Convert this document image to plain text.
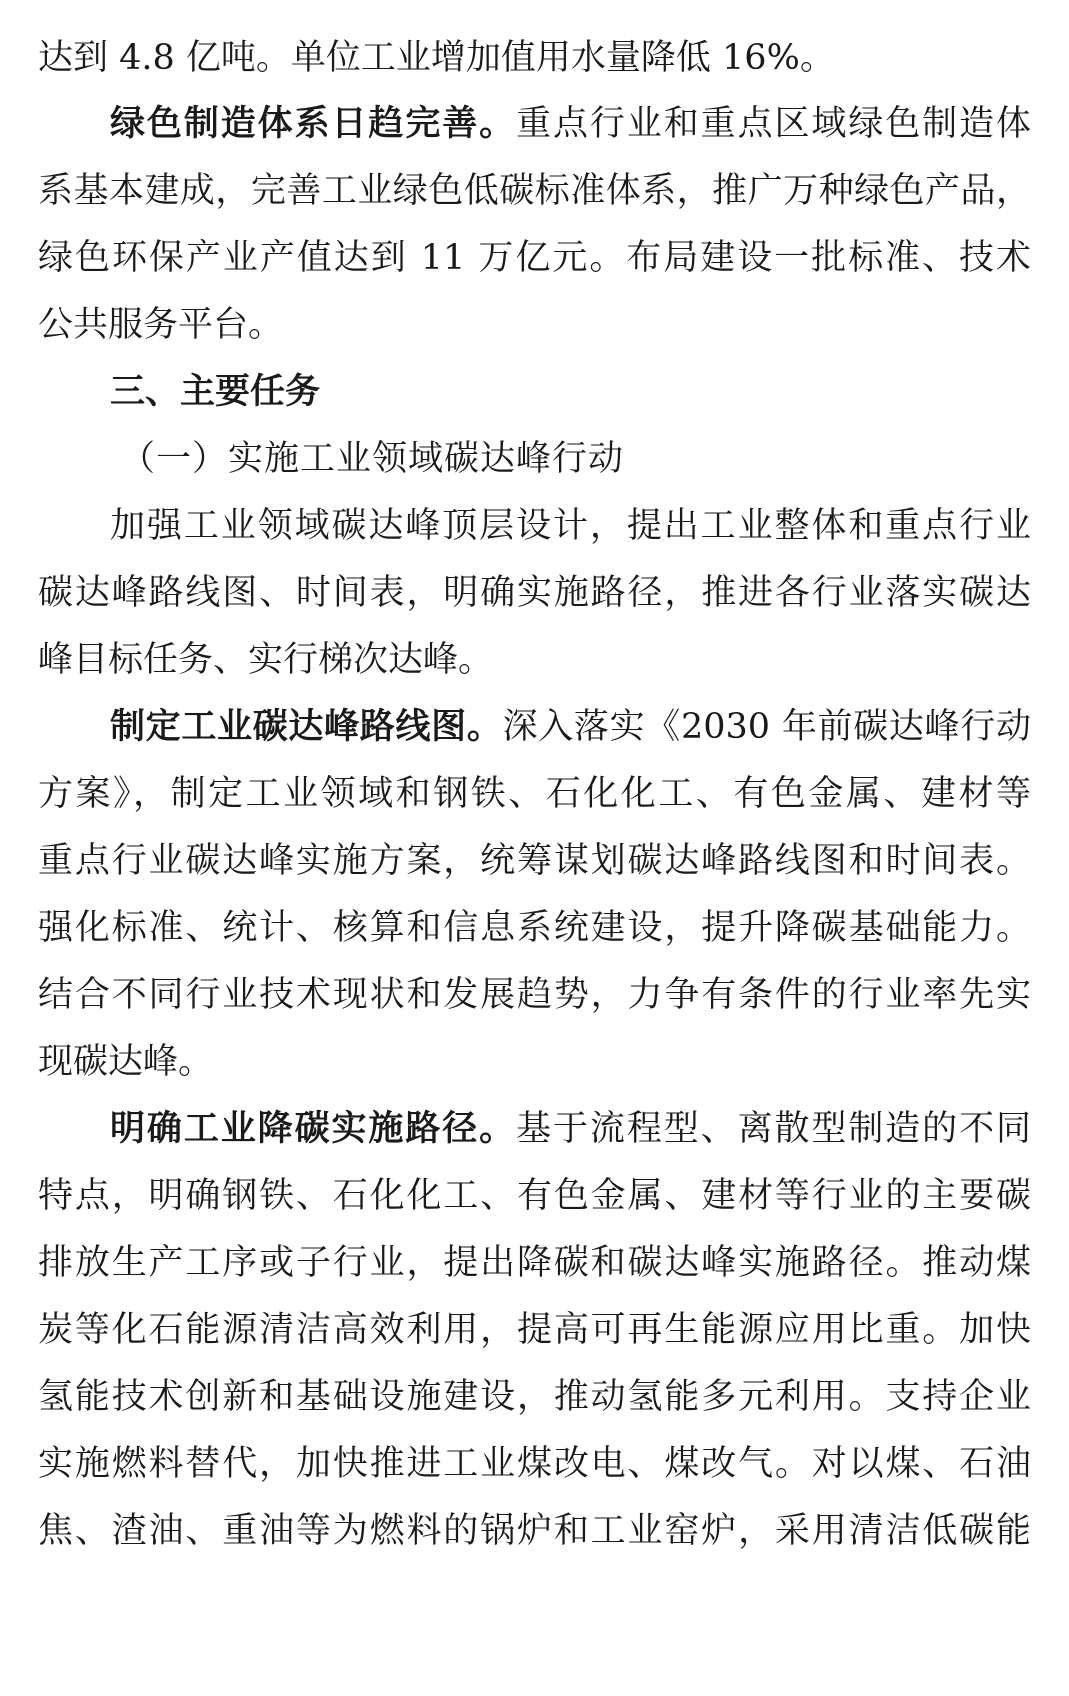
达到 4.8 亿吨。单位工业增加值用水量降低 16%。
绿色制造体系日趋完善。重点行业和重点区域绿色制造体
系基本建成，完善工业绿色低碳标准体系，推广万种绿色产品，
绿色环保产业产值达到 11 万亿元。布局建设一批标准、技术
公共服务平台。
三、主要任务
（一）实施工业领域碳达峰行动
加强工业领域碳达峰顶层设计，提出工业整体和重点行业
碳达峰路线图、时间表，明确实施路径，推进各行业落实碳达
峰目标任务、实行梯次达峰。
制定工业碳达峰路线图。深入落实《2030 年前碳达峰行动
方案》，制定工业领域和钢铁、石化化工、有色金属、建材等
重点行业碳达峰实施方案，统筹谋划碳达峰路线图和时间表。
强化标准、统计、核算和信息系统建设，提升降碳基础能力。
结合不同行业技术现状和发展趋势，力争有条件的行业率先实
现碳达峰。
明确工业降碳实施路径。基于流程型、离散型制造的不同
特点，明确钢铁、石化化工、有色金属、建材等行业的主要碳
排放生产工序或子行业，提出降碳和碳达峰实施路径。推动煤
炭等化石能源清洁高效利用，提高可再生能源应用比重。加快
氢能技术创新和基础设施建设，推动氢能多元利用。支持企业
实施燃料替代，加快推进工业煤改电、煤改气。对以煤、石油
焦、渣油、重油等为燃料的锅炉和工业窑炉，采用清洁低碳能
